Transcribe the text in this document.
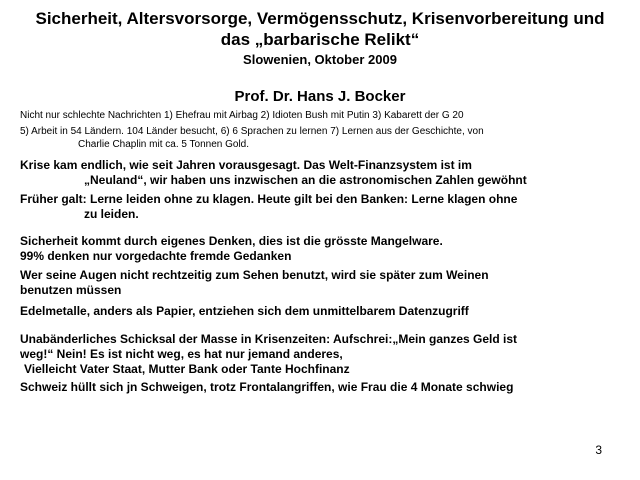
Sicherheit, Altersvorsorge, Vermögensschutz, Krisenvorbereitung und
das „barbarische Relikt“
Slowenien, Oktober 2009
Prof. Dr. Hans J. Bocker
Nicht nur schlechte Nachrichten 1) Ehefrau mit Airbag 2) Idioten Bush mit Putin 3) Kabarett der G 20
5) Arbeit in 54 Ländern. 104 Länder besucht, 6) 6 Sprachen zu lernen 7) Lernen aus der Geschichte, von
Charlie Chaplin mit ca. 5 Tonnen Gold.
Krise kam endlich, wie seit Jahren vorausgesagt. Das Welt-Finanzsystem ist im
„Neuland“, wir haben uns inzwischen an die astronomischen Zahlen gewöhnt
Früher galt: Lerne leiden ohne zu klagen. Heute gilt bei den Banken: Lerne klagen ohne
zu leiden.
Sicherheit kommt durch eigenes Denken, dies ist die grösste Mangelware.
99% denken nur vorgedachte fremde Gedanken
Wer seine Augen nicht rechtzeitig zum Sehen benutzt, wird sie später zum Weinen
benutzen müssen
Edelmetalle, anders als Papier, entziehen sich dem unmittelbarem Datenzugriff
Unabänderliches Schicksal der Masse in Krisenzeiten: Aufschrei:„Mein ganzes Geld ist
weg!“ Nein! Es ist nicht weg, es hat nur jemand anderes,
Vielleicht Vater Staat, Mutter Bank oder Tante Hochfinanz
Schweiz hüllt sich jn Schweigen, trotz Frontalangriffen, wie Frau die 4 Monate schwieg
3
